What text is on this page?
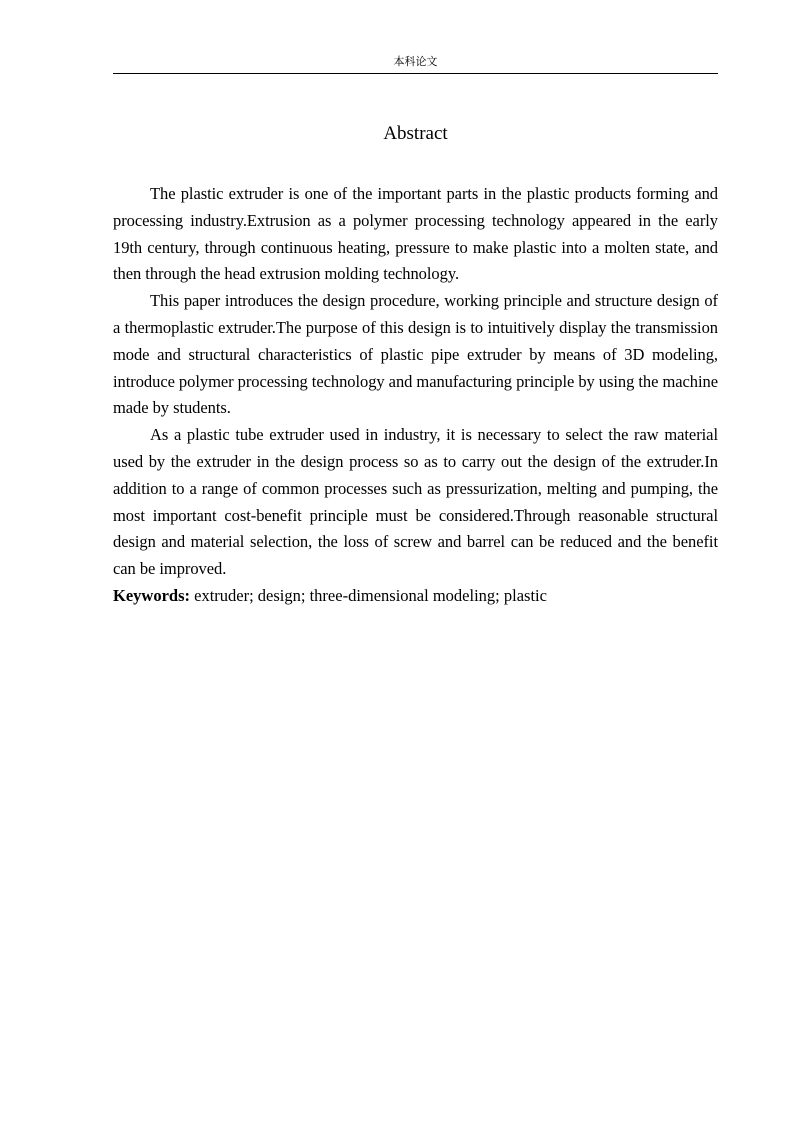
本科论文
Abstract

The plastic extruder is one of the important parts in the plastic products forming and processing industry.Extrusion as a polymer processing technology appeared in the early 19th century, through continuous heating, pressure to make plastic into a molten state, and then through the head extrusion molding technology.

This paper introduces the design procedure, working principle and structure design of a thermoplastic extruder.The purpose of this design is to intuitively display the transmission mode and structural characteristics of plastic pipe extruder by means of 3D modeling, introduce polymer processing technology and manufacturing principle by using the machine made by students.

As a plastic tube extruder used in industry, it is necessary to select the raw material used by the extruder in the design process so as to carry out the design of the extruder.In addition to a range of common processes such as pressurization, melting and pumping, the most important cost-benefit principle must be considered.Through reasonable structural design and material selection, the loss of screw and barrel can be reduced and the benefit can be improved.

Keywords: extruder; design; three-dimensional modeling; plastic
